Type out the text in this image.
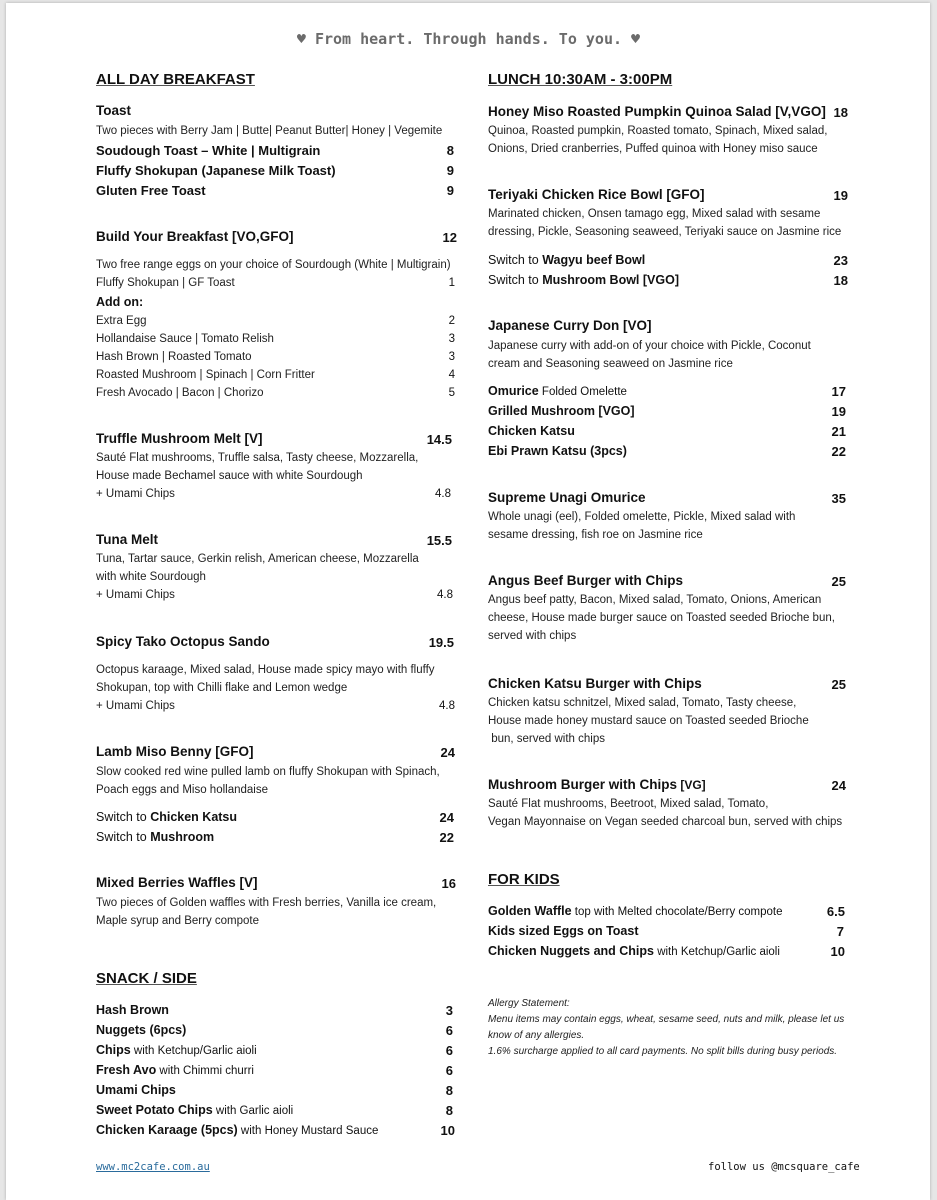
♥ From heart. Through hands. To you. ♥
ALL DAY BREAKFAST
Toast
Two pieces with Berry Jam | Butte| Peanut Butter| Honey | Vegemite
Soudough Toast – White | Multigrain	8
Fluffy Shokupan (Japanese Milk Toast)	9
Gluten Free Toast	9
Build Your Breakfast [VO,GFO]	12
Two free range eggs on your choice of Sourdough (White | Multigrain)
Fluffy Shokupan | GF Toast	1
Add on:
Extra Egg	2
Hollandaise Sauce | Tomato Relish	3
Hash Brown | Roasted Tomato	3
Roasted Mushroom | Spinach | Corn Fritter	4
Fresh Avocado | Bacon | Chorizo	5
Truffle Mushroom Melt [V]	14.5
Sauté Flat mushrooms, Truffle salsa, Tasty cheese, Mozzarella,
House made Bechamel sauce with white Sourdough
+ Umami Chips	4.8
Tuna Melt	15.5
Tuna, Tartar sauce, Gerkin relish, American cheese, Mozzarella
with white Sourdough
+ Umami Chips	4.8
Spicy Tako Octopus Sando	19.5
Octopus karaage, Mixed salad, House made spicy mayo with fluffy
Shokupan, top with Chilli flake and Lemon wedge
+ Umami Chips	4.8
Lamb Miso Benny [GFO]	24
Slow cooked red wine pulled lamb on fluffy Shokupan with Spinach,
Poach eggs and Miso hollandaise
Switch to Chicken Katsu	24
Switch to Mushroom	22
Mixed Berries Waffles [V]	16
Two pieces of Golden waffles with Fresh berries, Vanilla ice cream,
Maple syrup and Berry compote
SNACK / SIDE
Hash Brown	3
Nuggets (6pcs)	6
Chips with Ketchup/Garlic aioli	6
Fresh Avo with Chimmi churri	6
Umami Chips	8
Sweet Potato Chips with Garlic aioli	8
Chicken Karaage (5pcs) with Honey Mustard Sauce	10
LUNCH 10:30AM - 3:00PM
Honey Miso Roasted Pumpkin Quinoa Salad [V,VGO] 18
Quinoa, Roasted pumpkin, Roasted tomato, Spinach, Mixed salad,
Onions, Dried cranberries, Puffed quinoa with Honey miso sauce
Teriyaki Chicken Rice Bowl [GFO]	19
Marinated chicken, Onsen tamago egg, Mixed salad with sesame
dressing, Pickle, Seasoning seaweed, Teriyaki sauce on Jasmine rice
Switch to Wagyu beef Bowl	23
Switch to Mushroom Bowl [VGO]	18
Japanese Curry Don [VO]
Japanese curry with add-on of your choice with Pickle, Coconut
cream and Seasoning seaweed on Jasmine rice
Omurice Folded Omelette	17
Grilled Mushroom [VGO]	19
Chicken Katsu	21
Ebi Prawn Katsu (3pcs)	22
Supreme Unagi Omurice	35
Whole unagi (eel), Folded omelette, Pickle, Mixed salad with
sesame dressing, fish roe on Jasmine rice
Angus Beef Burger with Chips	25
Angus beef patty, Bacon, Mixed salad, Tomato, Onions, American
cheese, House made burger sauce on Toasted seeded Brioche bun,
served with chips
Chicken Katsu Burger with Chips	25
Chicken katsu schnitzel, Mixed salad, Tomato, Tasty cheese,
House made honey mustard sauce on Toasted seeded Brioche
bun, served with chips
Mushroom Burger with Chips [VG]	24
Sauté Flat mushrooms, Beetroot, Mixed salad, Tomato,
Vegan Mayonnaise on Vegan seeded charcoal bun, served with chips
FOR KIDS
Golden Waffle top with Melted chocolate/Berry compote	6.5
Kids sized Eggs on Toast	7
Chicken Nuggets and Chips with Ketchup/Garlic aioli	10
Allergy Statement:
Menu items may contain eggs, wheat, sesame seed, nuts and milk, please let us
know of any allergies.
1.6% surcharge applied to all card payments. No split bills during busy periods.
www.mc2cafe.com.au	follow us @mcsquare_cafe
